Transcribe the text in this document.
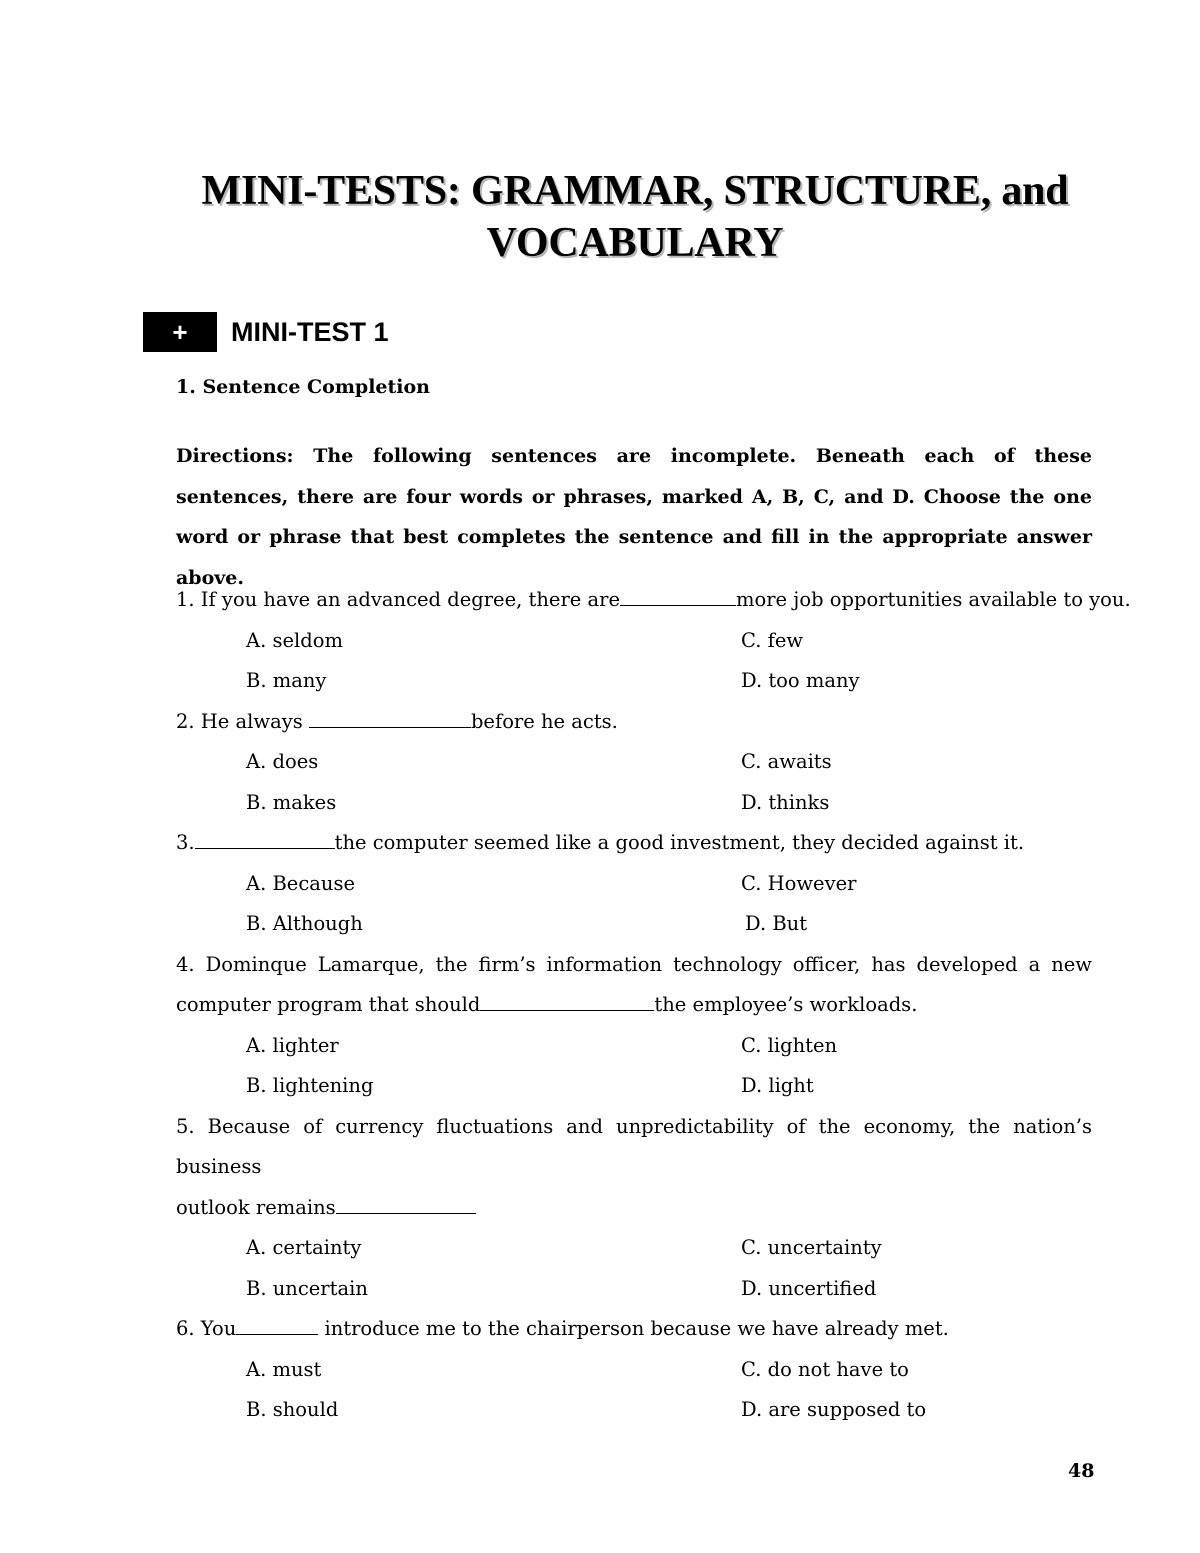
MINI-TESTS: GRAMMAR, STRUCTURE, and
VOCABULARY
+	MINI-TEST 1
1. Sentence Completion

Directions: The following sentences are incomplete. Beneath each of these sentences, there are four words or phrases, marked A, B, C, and D. Choose the one word or phrase that best completes the sentence and fill in the appropriate answer above.

1. If you have an advanced degree, there are	more job opportunities available to you.
A. seldom	C. few
B. many	D. too many
2. He always	before he acts.
A. does	C. awaits
B. makes	D. thinks
3.	the computer seemed like a good investment, they decided against it.
A. Because	C. However
B. Although	D. But
4. Dominque Lamarque, the firm’s information technology officer, has developed a new
computer program that should	the employee’s workloads.
A. lighter	C. lighten
B. lightening	D. light
5. Because of currency fluctuations and unpredictability of the economy, the nation’s business
outlook remains
A. certainty	C. uncertainty
B. uncertain	D. uncertified
6. You	introduce me to the chairperson because we have already met.
A. must	C. do not have to
B. should	D. are supposed to
48
